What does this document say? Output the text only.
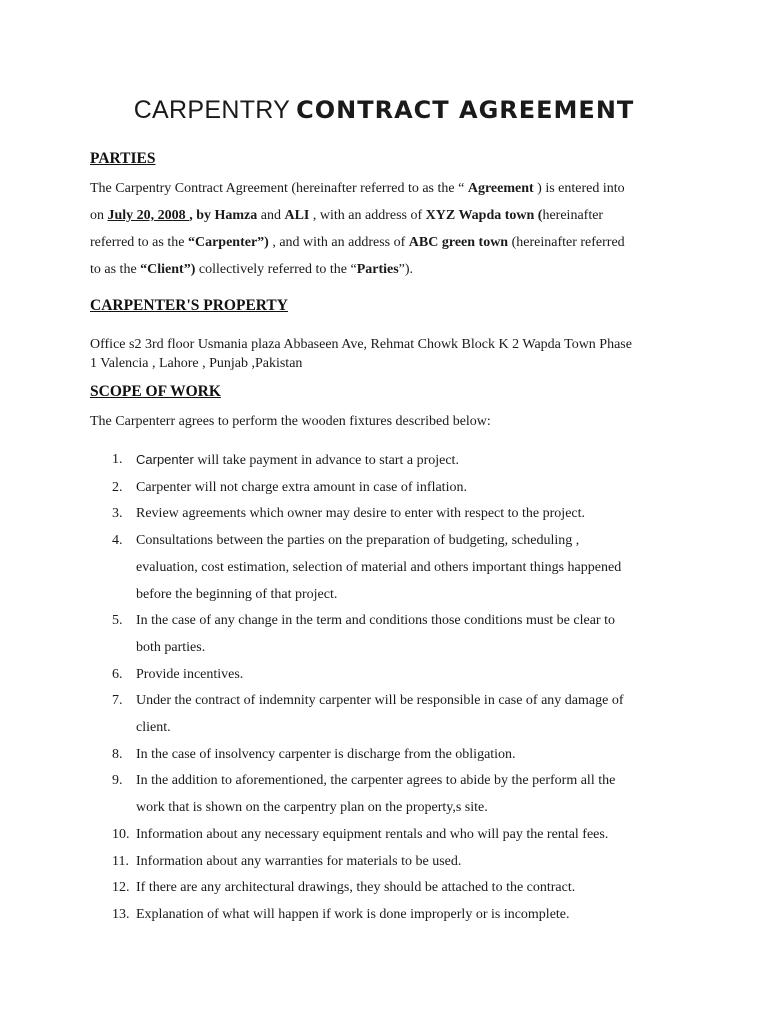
CARPENTRY CONTRACT AGREEMENT
PARTIES
The Carpentry Contract Agreement (hereinafter referred to as the “ Agreement ) is entered into
on July 20, 2008 , by Hamza and ALI , with an address of XYZ Wapda town (hereinafter
referred to as the “Carpenter”) , and with an address of ABC green town (hereinafter referred
to as the “Client”) collectively referred to the “Parties”).
CARPENTER'S PROPERTY
Office s2 3rd floor Usmania plaza Abbaseen Ave, Rehmat Chowk Block K 2 Wapda Town Phase
1 Valencia , Lahore , Punjab ,Pakistan
SCOPE OF WORK
The Carpenterr agrees to perform the wooden fixtures described below:
1.	Carpenter will take payment in advance to start a project.
2. Carpenter will not charge extra amount in case of inflation.
3. Review agreements which owner may desire to enter with respect to the project.
4. Consultations between the parties on the preparation of budgeting, scheduling ,
evaluation, cost estimation, selection of material and others important things happened
before the beginning of that project.
5. In the case of any change in the term and conditions those conditions must be clear to
both parties.
6. Provide incentives.
7. Under the contract of indemnity carpenter will be responsible in case of any damage of
client.
8. In the case of insolvency carpenter is discharge from the obligation.
9. In the addition to aforementioned, the carpenter agrees to abide by the perform all the
work that is shown on the carpentry plan on the property,s site.
10. Information about any necessary equipment rentals and who will pay the rental fees.
11. Information about any warranties for materials to be used.
12. If there are any architectural drawings, they should be attached to the contract.
13. Explanation of what will happen if work is done improperly or is incomplete.
